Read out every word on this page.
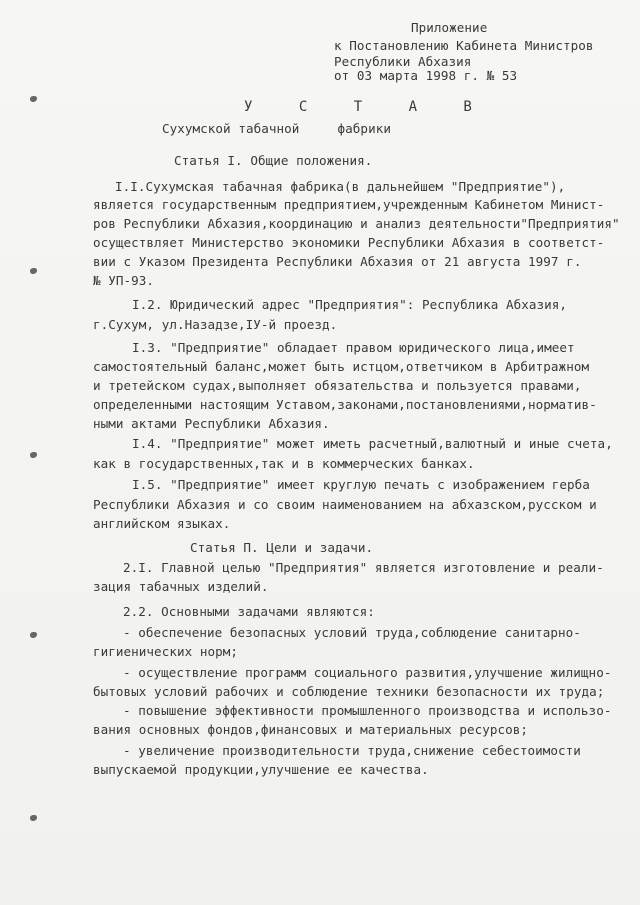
Приложение
к Постановлению Кабинета Министров
Республики Абхазия
от 03 марта 1998 г. № 53
У С Т А В
Сухумской табачной     фабрики
Статья I. Общие положения.
I.I.Сухумская табачная фабрика(в дальнейшем "Предприятие"),
является государственным предприятием,учрежденным Кабинетом Минист-
ров Республики Абхазия,координацию и анализ деятельности"Предприятия"
осуществляет Министерство экономики Республики Абхазия в соответст-
вии с Указом Президента Республики Абхазия от 21 августа 1997 г.
№ УП-93.
I.2. Юридический адрес "Предприятия": Республика Абхазия,
г.Сухум, ул.Назадзе,IУ-й проезд.
I.3. "Предприятие" обладает правом юридического лица,имеет
самостоятельный баланс,может быть истцом,ответчиком в Арбитражном
и третейском судах,выполняет обязательства и пользуется правами,
определенными настоящим Уставом,законами,постановлениями,норматив-
ными актами Республики Абхазия.
I.4. "Предприятие" может иметь расчетный,валютный и иные счета,
как в государственных,так и в коммерческих банках.
I.5. "Предприятие" имеет круглую печать с изображением герба
Республики Абхазия и со своим наименованием на абхазском,русском и
английском языках.
Статья П. Цели и задачи.
2.I. Главной целью "Предприятия" является изготовление и реали-
зация табачных изделий.
2.2. Основными задачами являются:
- обеспечение безопасных условий труда,соблюдение санитарно-
гигиенических норм;
- осуществление программ социального развития,улучшение жилищно-
бытовых условий рабочих и соблюдение техники безопасности их труда;
- повышение эффективности промышленного производства и использо-
вания основных фондов,финансовых и материальных ресурсов;
- увеличение производительности труда,снижение себестоимости
выпускаемой продукции,улучшение ее качества.
